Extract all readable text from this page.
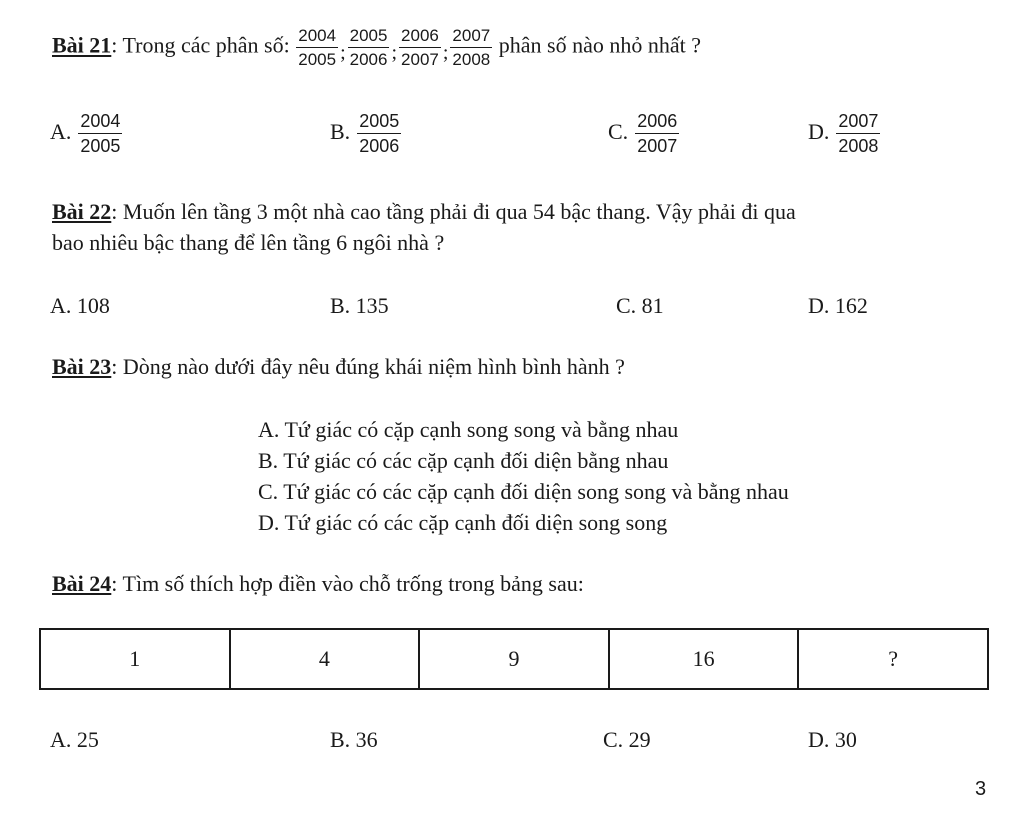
Bài 21: Trong các phân số: $\frac{2004}{2005}$ ; $\frac{2005}{2006}$ ; $\frac{2006}{2007}$ ; $\frac{2007}{2008}$ phân số nào nhỏ nhất ?
A. $\frac{2004}{2005}$	B. $\frac{2005}{2006}$	C. $\frac{2006}{2007}$	D. $\frac{2007}{2008}$
Bài 22: Muốn lên tầng 3 một nhà cao tầng phải đi qua 54 bậc thang. Vậy phải đi qua
bao nhiêu bậc thang để lên tầng 6 ngôi nhà ?
A. 108	B. 135	C. 81	D. 162
Bài 23: Dòng nào dưới đây nêu đúng khái niệm hình bình hành ?
A. Tứ giác có cặp cạnh song song và bằng nhau
B. Tứ giác có các cặp cạnh đối diện bằng nhau
C. Tứ giác có các cặp cạnh đối diện song song và bằng nhau
D. Tứ giác có các cặp cạnh đối diện song song
Bài 24: Tìm số thích hợp điền vào chỗ trống trong bảng sau:
1	4	9	16	?
A. 25	B. 36	C. 29	D. 30
3
